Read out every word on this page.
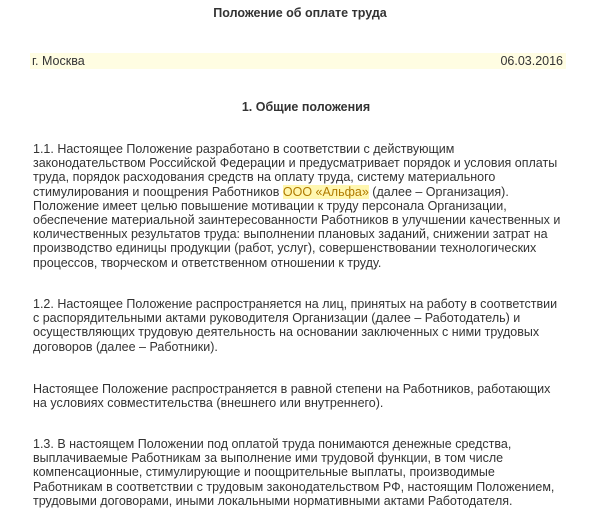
Положение об оплате труда
г. Москва	06.03.2016
1. Общие положения

1.1. Настоящее Положение разработано в соответствии с действующим законодательством Российской Федерации и предусматривает порядок и условия оплаты труда, порядок расходования средств на оплату труда, систему материального стимулирования и поощрения Работников ООО «Альфа» (далее – Организация). Положение имеет целью повышение мотивации к труду персонала Организации, обеспечение материальной заинтересованности Работников в улучшении качественных и количественных результатов труда: выполнении плановых заданий, снижении затрат на производство единицы продукции (работ, услуг), совершенствовании технологических процессов, творческом и ответственном отношении к труду.

1.2. Настоящее Положение распространяется на лиц, принятых на работу в соответствии с распорядительными актами руководителя Организации (далее – Работодатель) и осуществляющих трудовую деятельность на основании заключенных с ними трудовых договоров (далее – Работники).

Настоящее Положение распространяется в равной степени на Работников, работающих на условиях совместительства (внешнего или внутреннего).

1.3. В настоящем Положении под оплатой труда понимаются денежные средства, выплачиваемые Работникам за выполнение ими трудовой функции, в том числе компенсационные, стимулирующие и поощрительные выплаты, производимые Работникам в соответствии с трудовым законодательством РФ, настоящим Положением, трудовыми договорами, иными локальными нормативными актами Работодателя.
